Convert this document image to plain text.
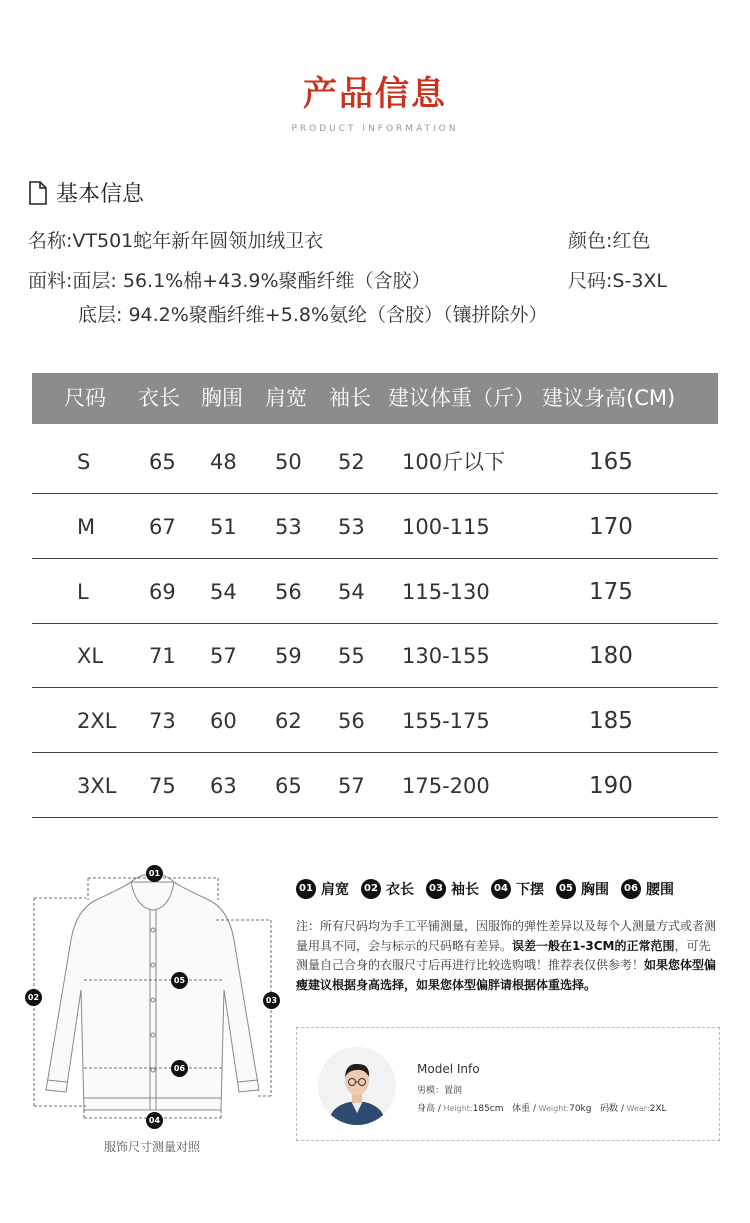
产品信息
PRODUCT INFORMATION
基本信息
名称:VT501蛇年新年圆领加绒卫衣	颜色:红色
面料:面层: 56.1%棉+43.9%聚酯纤维（含胶）	尺码:S-3XL
底层: 94.2%聚酯纤维+5.8%氨纶（含胶）（镶拼除外）
尺码 衣长 胸围 肩宽 袖长 建议体重（斤） 建议身高(CM)
S	65 48 50 52 100斤以下	165
M	67 51 53 53 100-115	170
L	69 54 56 54 115-130	175
XL 71 57 59 55 130-155	180
2XL 73 60 62 56 155-175	185
3XL 75 63 65 57 175-200	190
01 肩宽	02 衣长	03 袖长	04 下摆	05 胸围	06 腰围
注：所有尺码均为手工平铺测量，因服饰的弹性差异以及每个人测量方式或者测量用具不同，会与标示的尺码略有差异。误差一般在1-3CM的正常范围，可先测量自己合身的衣服尺寸后再进行比较选购哦！推荐表仅供参考！如果您体型偏瘦建议根据身高选择，如果您体型偏胖请根据体重选择。
Model Info
男模：置润
身高 / Height:185cm 体重 / Weight:70kg 码数 / Wear:2XL
01
02	03
04
05
06
服饰尺寸测量对照
